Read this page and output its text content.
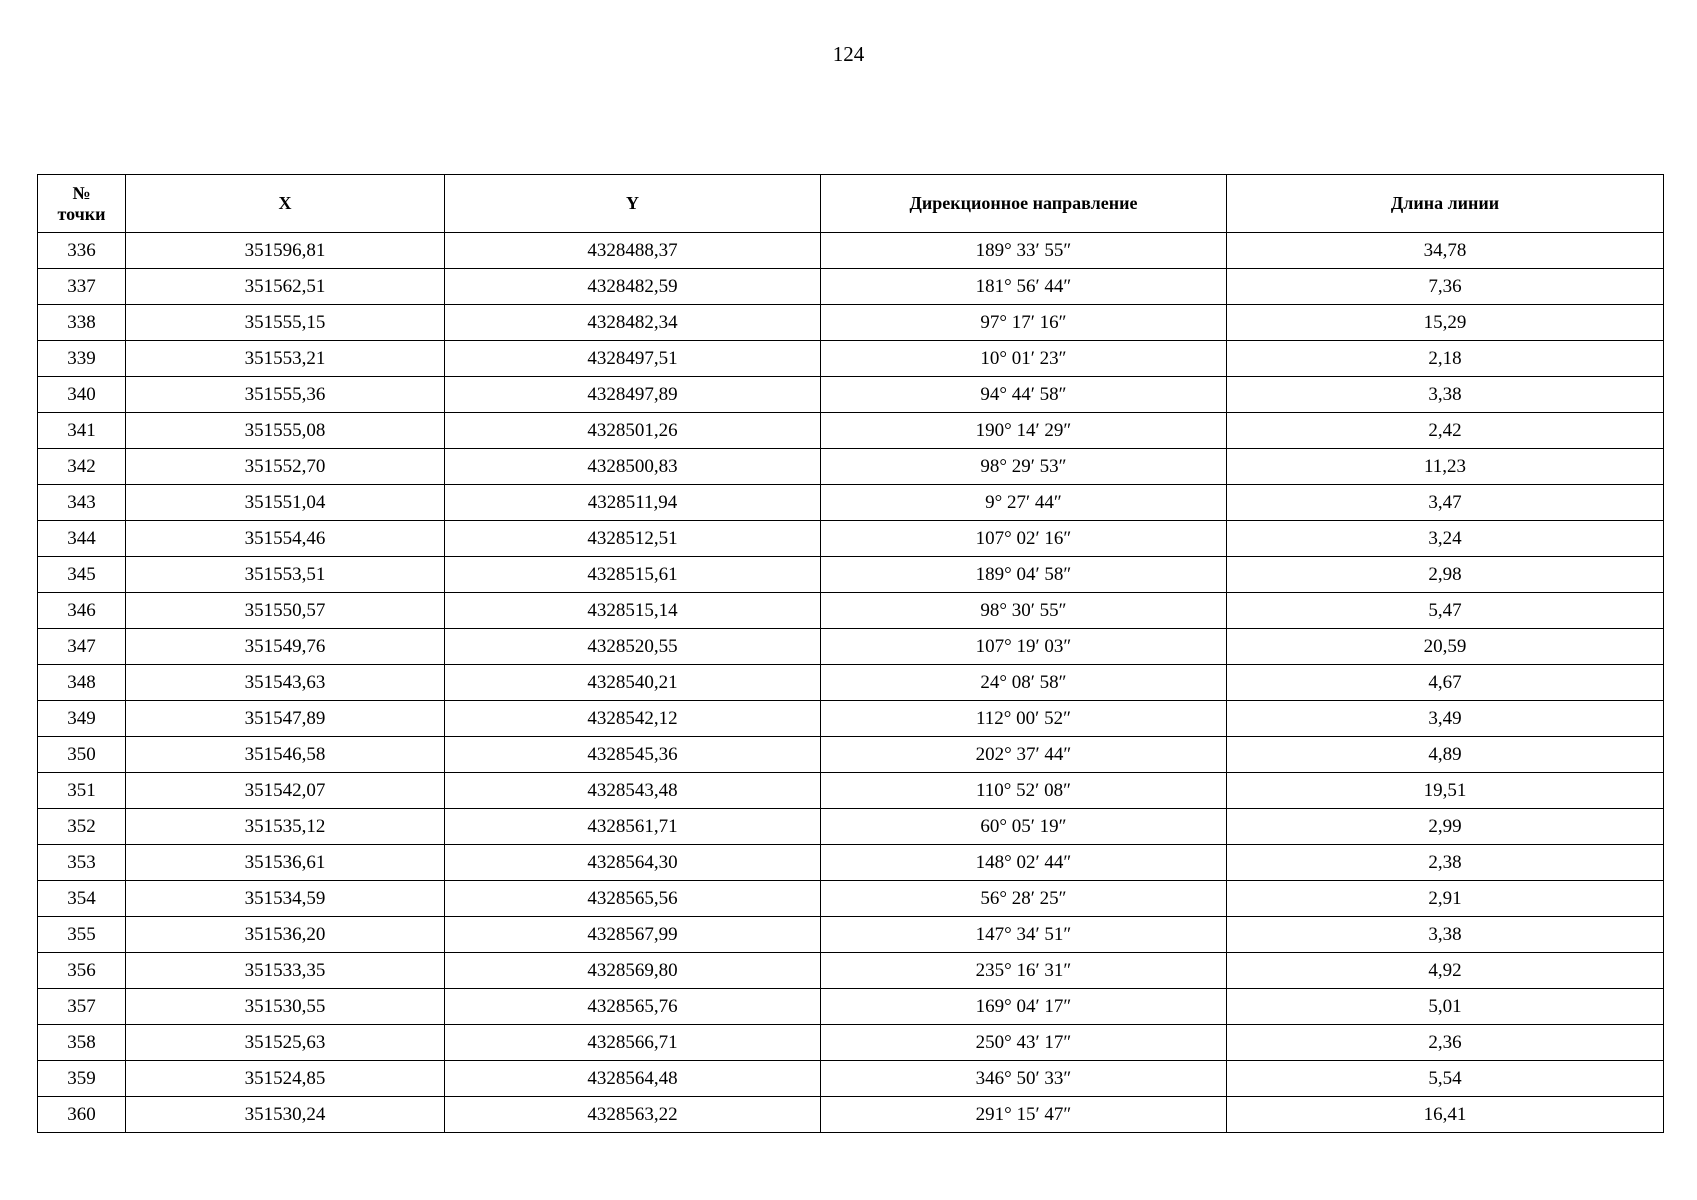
124
№
точки	X	Y	Дирекционное направление	Длина линии
336	351596,81	4328488,37	189° 33′ 55″	34,78
337	351562,51	4328482,59	181° 56′ 44″	7,36
338	351555,15	4328482,34	97° 17′ 16″	15,29
339	351553,21	4328497,51	10° 01′ 23″	2,18
340	351555,36	4328497,89	94° 44′ 58″	3,38
341	351555,08	4328501,26	190° 14′ 29″	2,42
342	351552,70	4328500,83	98° 29′ 53″	11,23
343	351551,04	4328511,94	9° 27′ 44″	3,47
344	351554,46	4328512,51	107° 02′ 16″	3,24
345	351553,51	4328515,61	189° 04′ 58″	2,98
346	351550,57	4328515,14	98° 30′ 55″	5,47
347	351549,76	4328520,55	107° 19′ 03″	20,59
348	351543,63	4328540,21	24° 08′ 58″	4,67
349	351547,89	4328542,12	112° 00′ 52″	3,49
350	351546,58	4328545,36	202° 37′ 44″	4,89
351	351542,07	4328543,48	110° 52′ 08″	19,51
352	351535,12	4328561,71	60° 05′ 19″	2,99
353	351536,61	4328564,30	148° 02′ 44″	2,38
354	351534,59	4328565,56	56° 28′ 25″	2,91
355	351536,20	4328567,99	147° 34′ 51″	3,38
356	351533,35	4328569,80	235° 16′ 31″	4,92
357	351530,55	4328565,76	169° 04′ 17″	5,01
358	351525,63	4328566,71	250° 43′ 17″	2,36
359	351524,85	4328564,48	346° 50′ 33″	5,54
360	351530,24	4328563,22	291° 15′ 47″	16,41
